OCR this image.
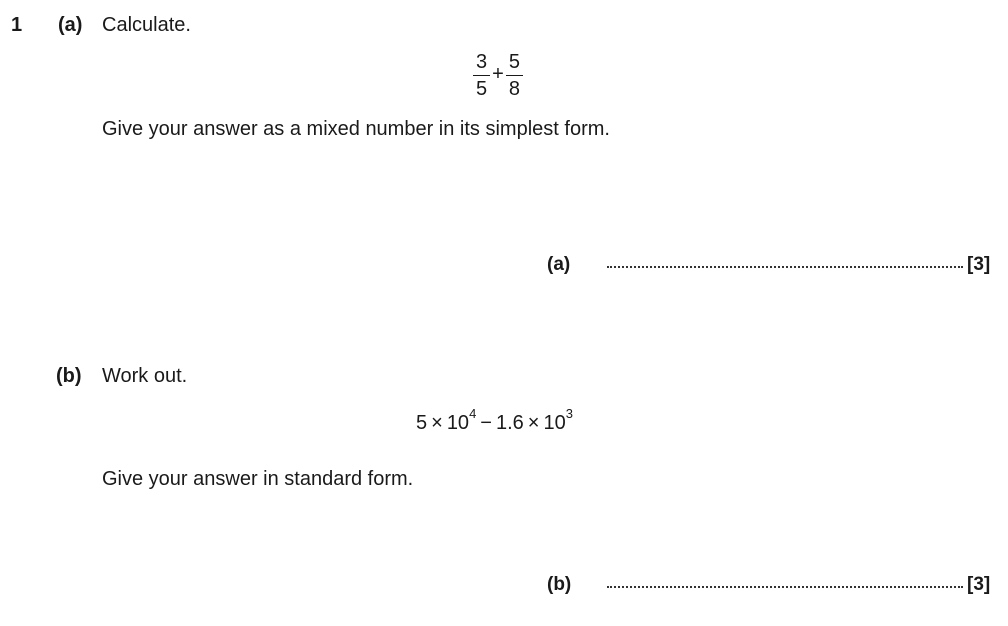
1 (a) Calculate.
$\frac{3}{5} + \frac{5}{8}$
Give your answer as a mixed number in its simplest form.
(a)	[3]
(b) Work out.
$5 \times 10^4 - 1.6 \times 10^3$
Give your answer in standard form.
(b)	[3]
